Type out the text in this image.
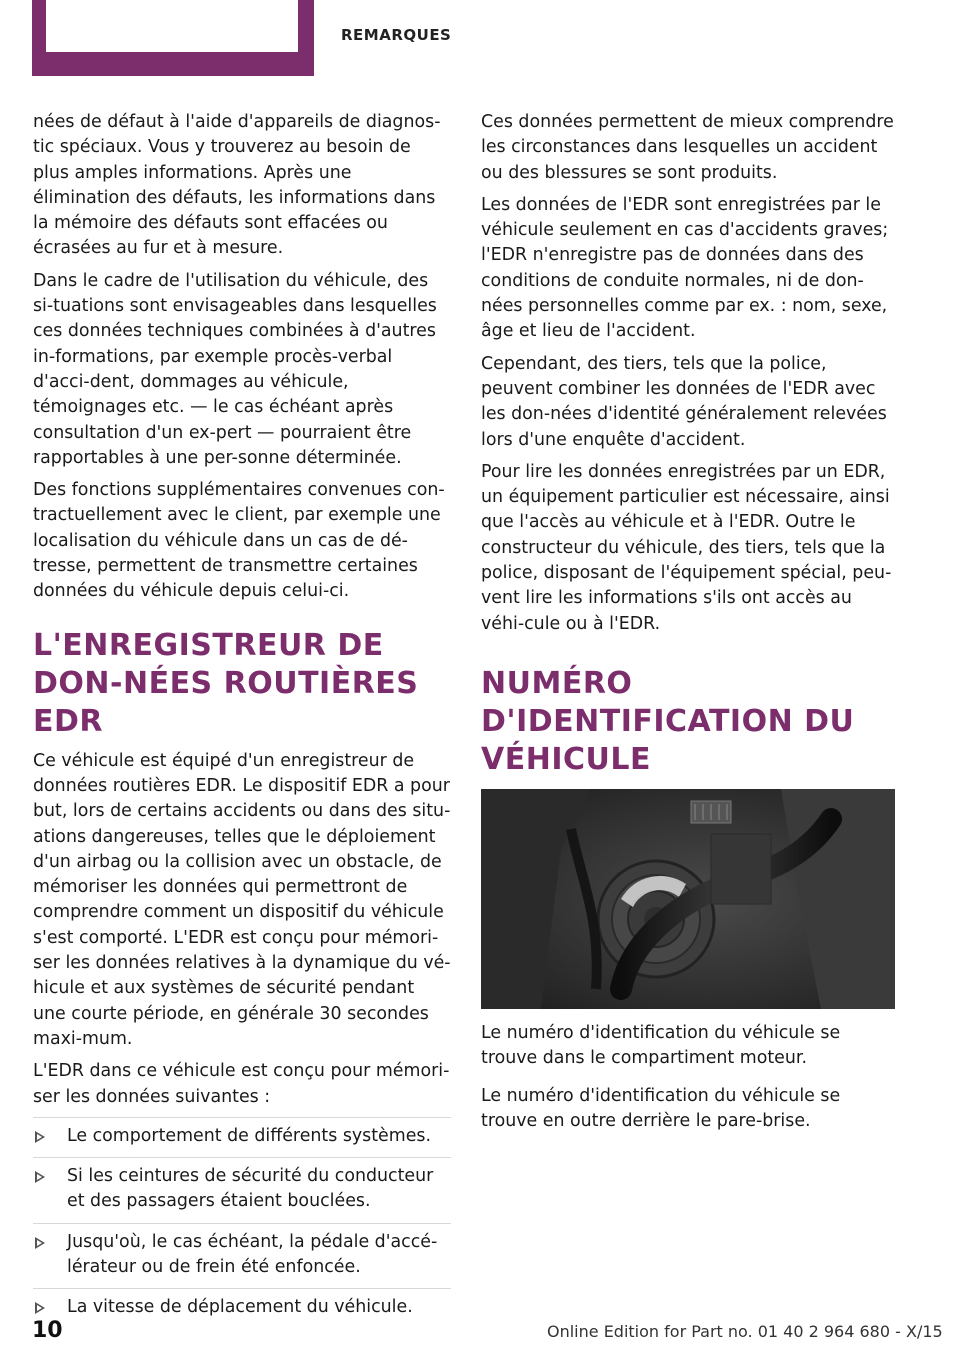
REMARQUES

nées de défaut à l'aide d'appareils de diagnos-tic spéciaux. Vous y trouverez au besoin de plus amples informations. Après une élimination des défauts, les informations dans la mémoire des défauts sont effacées ou écrasées au fur et à mesure.

Dans le cadre de l'utilisation du véhicule, des si-tuations sont envisageables dans lesquelles ces données techniques combinées à d'autres in-formations, par exemple procès-verbal d'acci-dent, dommages au véhicule, témoignages etc. — le cas échéant après consultation d'un ex-pert — pourraient être rapportables à une per-sonne déterminée.

Des fonctions supplémentaires convenues con-tractuellement avec le client, par exemple une localisation du véhicule dans un cas de dé-tresse, permettent de transmettre certaines données du véhicule depuis celui-ci.

L'ENREGISTREUR DE DON-NÉES ROUTIÈRES EDR

Ce véhicule est équipé d'un enregistreur de données routières EDR. Le dispositif EDR a pour but, lors de certains accidents ou dans des situ-ations dangereuses, telles que le déploiement d'un airbag ou la collision avec un obstacle, de mémoriser les données qui permettront de comprendre comment un dispositif du véhicule s'est comporté. L'EDR est conçu pour mémori-ser les données relatives à la dynamique du vé-hicule et aux systèmes de sécurité pendant une courte période, en générale 30 secondes maxi-mum.

L'EDR dans ce véhicule est conçu pour mémori-ser les données suivantes :

Le comportement de différents systèmes.
Si les ceintures de sécurité du conducteur et des passagers étaient bouclées.
Jusqu'où, le cas échéant, la pédale d'accé-lérateur ou de frein été enfoncée.
La vitesse de déplacement du véhicule.

Ces données permettent de mieux comprendre les circonstances dans lesquelles un accident ou des blessures se sont produits.

Les données de l'EDR sont enregistrées par le véhicule seulement en cas d'accidents graves; l'EDR n'enregistre pas de données dans des conditions de conduite normales, ni de don-nées personnelles comme par ex. : nom, sexe, âge et lieu de l'accident.

Cependant, des tiers, tels que la police, peuvent combiner les données de l'EDR avec les don-nées d'identité généralement relevées lors d'une enquête d'accident.

Pour lire les données enregistrées par un EDR, un équipement particulier est nécessaire, ainsi que l'accès au véhicule et à l'EDR. Outre le constructeur du véhicule, des tiers, tels que la police, disposant de l'équipement spécial, peu-vent lire les informations s'ils ont accès au véhi-cule ou à l'EDR.

NUMÉRO D'IDENTIFICATION DU VÉHICULE

Le numéro d'identification du véhicule se trouve dans le compartiment moteur.

Le numéro d'identification du véhicule se trouve en outre derrière le pare-brise.

10	Online Edition for Part no. 01 40 2 964 680 - X/15
